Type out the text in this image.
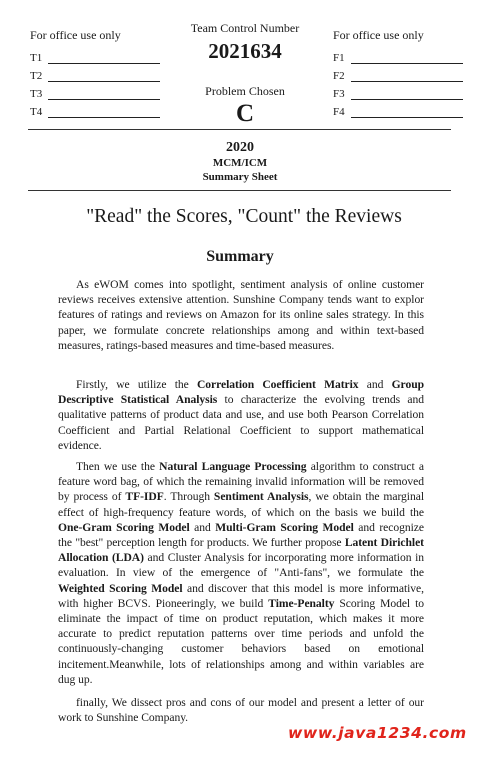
For office use only
T1
T2
T3
T4
Team Control Number
2021634
Problem Chosen
C
For office use only
F1
F2
F3
F4
2020
MCM/ICM
Summary Sheet
"Read" the Scores, "Count" the Reviews
Summary

As eWOM comes into spotlight, sentiment analysis of online customer reviews receives extensive attention. Sunshine Company tends want to explor features of ratings and reviews on Amazon for its online sales strategy. In this paper, we formulate concrete relationships among and within text-based measures, ratings-based measures and time-based measures.

Firstly, we utilize the Correlation Coefficient Matrix and Group Descriptive Statistical Analysis to characterize the evolving trends and qualitative patterns of product data and use, and use both Pearson Correlation Coefficient and Partial Relational Coefficient to support mathematical evidence.

Then we use the Natural Language Processing algorithm to construct a feature word bag, of which the remaining invalid information will be removed by process of TF-IDF. Through Sentiment Analysis, we obtain the marginal effect of high-frequency feature words, of which on the basis we build the One-Gram Scoring Model and Multi-Gram Scoring Model and recognize the "best" perception length for products. We further propose Latent Dirichlet Allocation (LDA) and Cluster Analysis for incorporating more information in evaluation. In view of the emergence of "Anti-fans", we formulate the Weighted Scoring Model and discover that this model is more informative, with higher BCVS. Pioneeringly, we build Time-Penalty Scoring Model to eliminate the impact of time on product reputation, which makes it more accurate to predict reputation patterns over time periods and unfold the continuously-changing customer behaviors based on emotional incitement.Meanwhile, lots of relationships among and within variables are dug up.

finally, We dissect pros and cons of our model and present a letter of our work to Sunshine Company.

www.java1234.com
